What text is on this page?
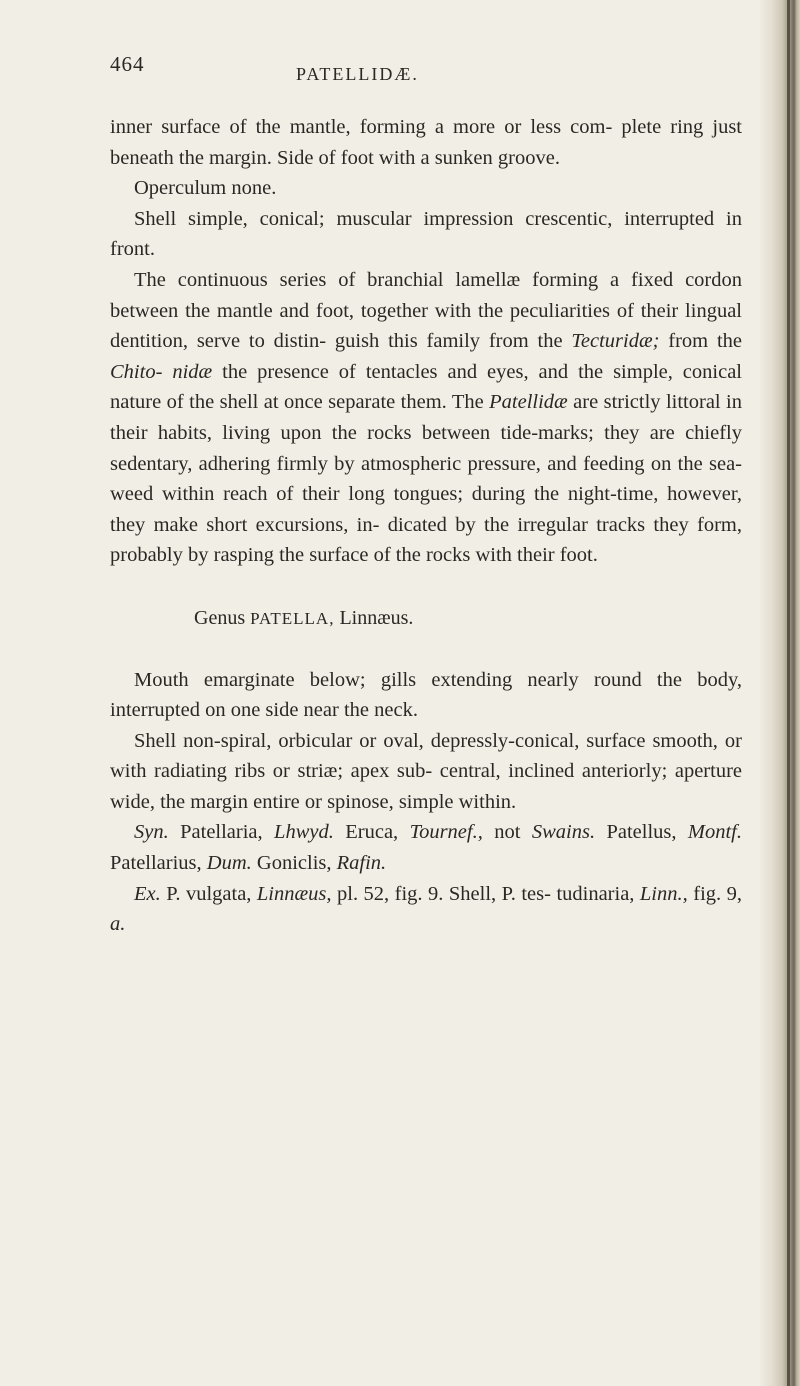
464	PATELLIDÆ.

inner surface of the mantle, forming a more or less com- plete ring just beneath the margin. Side of foot with a sunken groove.

Operculum none.

Shell simple, conical; muscular impression crescentic, interrupted in front.

The continuous series of branchial lamellæ forming a fixed cordon between the mantle and foot, together with the peculiarities of their lingual dentition, serve to distin- guish this family from the Tecturidæ; from the Chito- nidæ the presence of tentacles and eyes, and the simple, conical nature of the shell at once separate them. The Patellidæ are strictly littoral in their habits, living upon the rocks between tide-marks; they are chiefly sedentary, adhering firmly by atmospheric pressure, and feeding on the sea-weed within reach of their long tongues; during the night-time, however, they make short excursions, in- dicated by the irregular tracks they form, probably by rasping the surface of the rocks with their foot.

Genus PATELLA, Linnæus.

Mouth emarginate below; gills extending nearly round the body, interrupted on one side near the neck.

Shell non-spiral, orbicular or oval, depressly-conical, surface smooth, or with radiating ribs or striæ; apex sub- central, inclined anteriorly; aperture wide, the margin entire or spinose, simple within.

Syn. Patellaria, Lhwyd. Eruca, Tournef., not Swains. Patellus, Montf. Patellarius, Dum. Goniclis, Rafin.

Ex. P. vulgata, Linnæus, pl. 52, fig. 9. Shell, P. tes- tudinaria, Linn., fig. 9, a.
